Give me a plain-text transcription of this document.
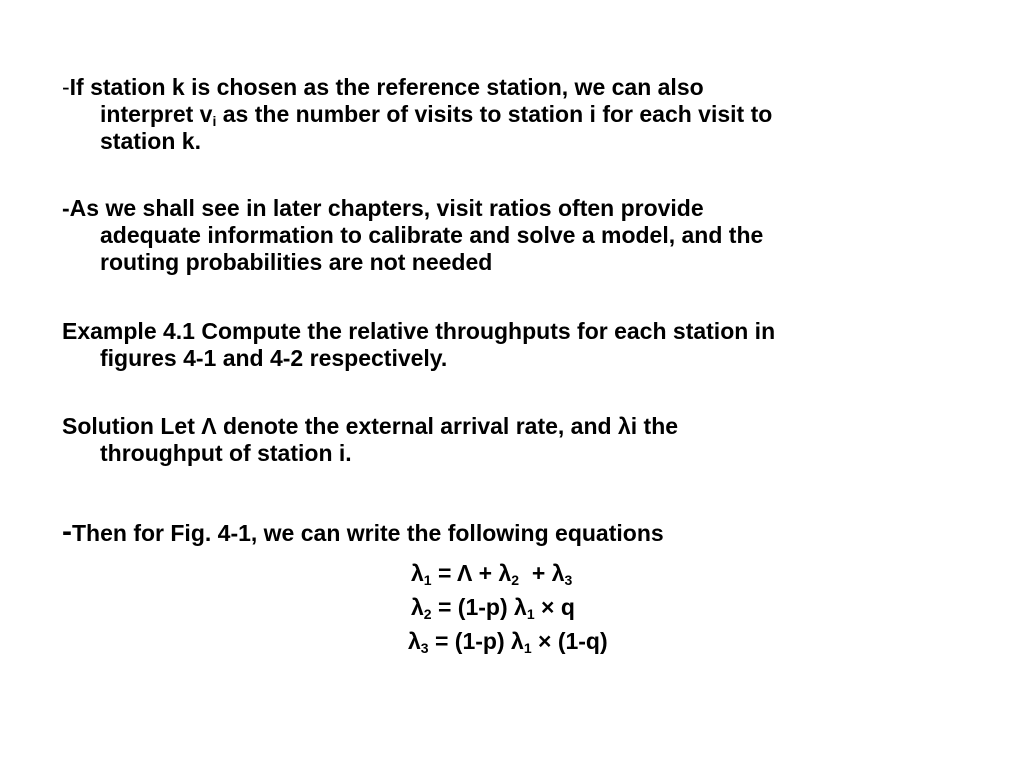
-If station k is chosen as the reference station, we can also
interpret $v_i$ as the number of visits to station i for each visit to
station k.
-As we shall see in later chapters, visit ratios often provide
adequate information to calibrate and solve a model, and the
routing probabilities are not needed
Example 4.1 Compute the relative throughputs for each station in
figures 4-1 and 4-2 respectively.
Solution Let Λ denote the external arrival rate, and λi the
throughput of station i.
-Then for Fig. 4-1, we can write the following equations
$\lambda_1 = \Lambda + \lambda_2 + \lambda_3$
$\lambda_2 = (1-p) \lambda_1 \times q$
$\lambda_3 = (1-p) \lambda_1 \times (1-q)$
